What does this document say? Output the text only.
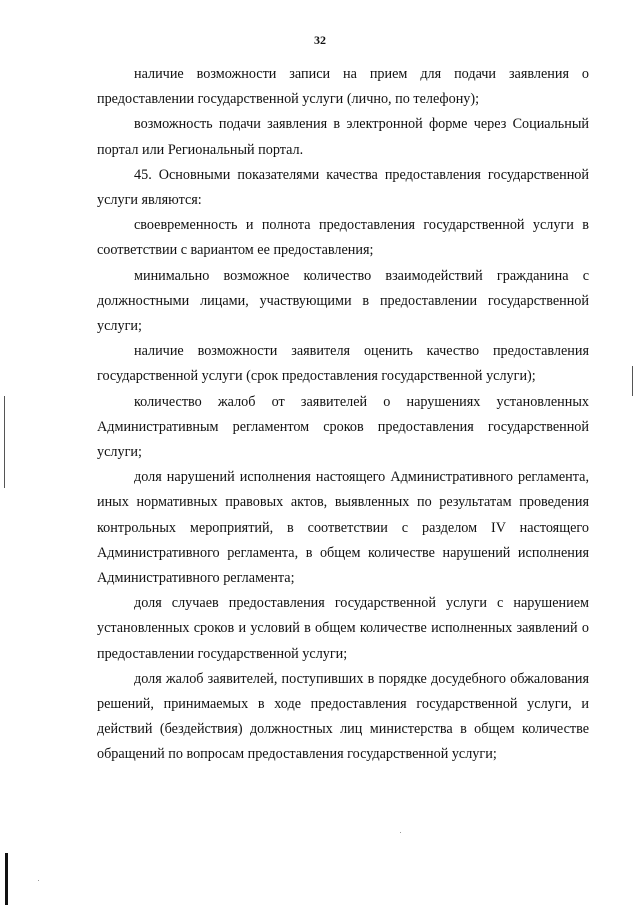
32

наличие возможности записи на прием для подачи заявления о предоставлении государственной услуги (лично, по телефону);

возможность подачи заявления в электронной форме через Социальный портал или Региональный портал.

45. Основными показателями качества предоставления государственной услуги являются:

своевременность и полнота предоставления государственной услуги в соответствии с вариантом ее предоставления;

минимально возможное количество взаимодействий гражданина с должностными лицами, участвующими в предоставлении государственной услуги;

наличие возможности заявителя оценить качество предоставления государственной услуги (срок предоставления государственной услуги);

количество жалоб от заявителей о нарушениях установленных Административным регламентом сроков предоставления государственной услуги;

доля нарушений исполнения настоящего Административного регламента, иных нормативных правовых актов, выявленных по результатам проведения контрольных мероприятий, в соответствии с разделом IV настоящего Административного регламента, в общем количестве нарушений исполнения Административного регламента;

доля случаев предоставления государственной услуги с нарушением установленных сроков и условий в общем количестве исполненных заявлений о предоставлении государственной услуги;

доля жалоб заявителей, поступивших в порядке досудебного обжалования решений, принимаемых в ходе предоставления государственной услуги, и действий (бездействия) должностных лиц министерства в общем количестве обращений по вопросам предоставления государственной услуги;
